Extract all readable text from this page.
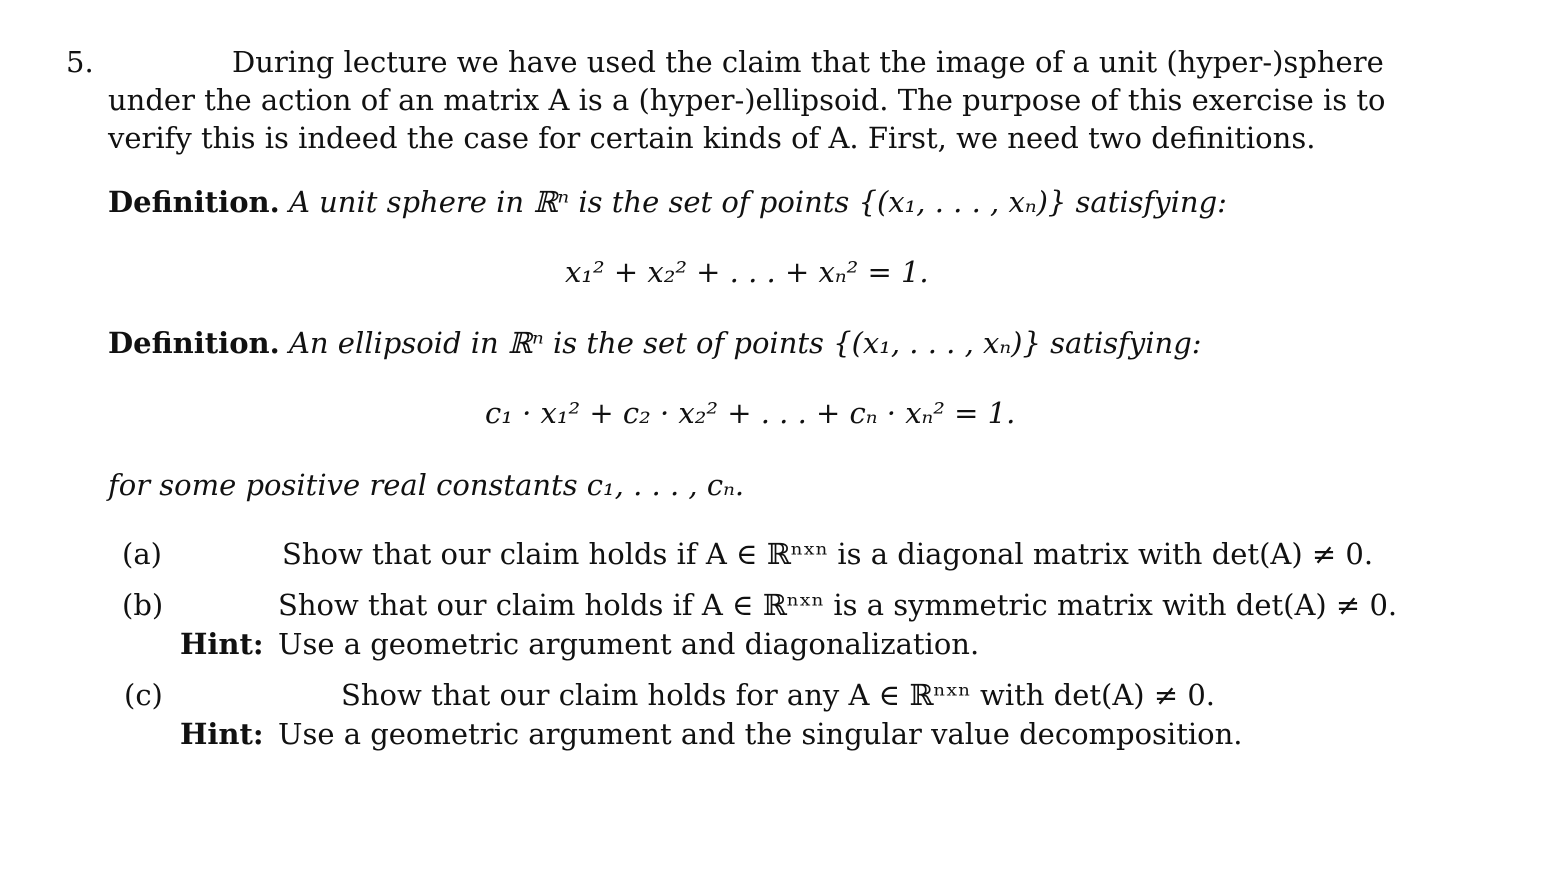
5.	During lecture we have used the claim that the image of a unit (hyper-)sphere
under the action of an matrix A is a (hyper-)ellipsoid. The purpose of this exercise is to
verify this is indeed the case for certain kinds of A. First, we need two definitions.
Definition. A unit sphere in ℝⁿ is the set of points {(x₁, . . . , xₙ)} satisfying:
x₁² + x₂² + . . . + xₙ² = 1.
Definition. An ellipsoid in ℝⁿ is the set of points {(x₁, . . . , xₙ)} satisfying:
c₁ · x₁² + c₂ · x₂² + . . . + cₙ · xₙ² = 1.
for some positive real constants c₁, . . . , cₙ.
(a)	Show that our claim holds if A ∈ ℝⁿˣⁿ is a diagonal matrix with det(A) ≠ 0.
(b)	Show that our claim holds if A ∈ ℝⁿˣⁿ is a symmetric matrix with det(A) ≠ 0.
Hint: Use a geometric argument and diagonalization.
(c)	Show that our claim holds for any A ∈ ℝⁿˣⁿ with det(A) ≠ 0.
Hint: Use a geometric argument and the singular value decomposition.
